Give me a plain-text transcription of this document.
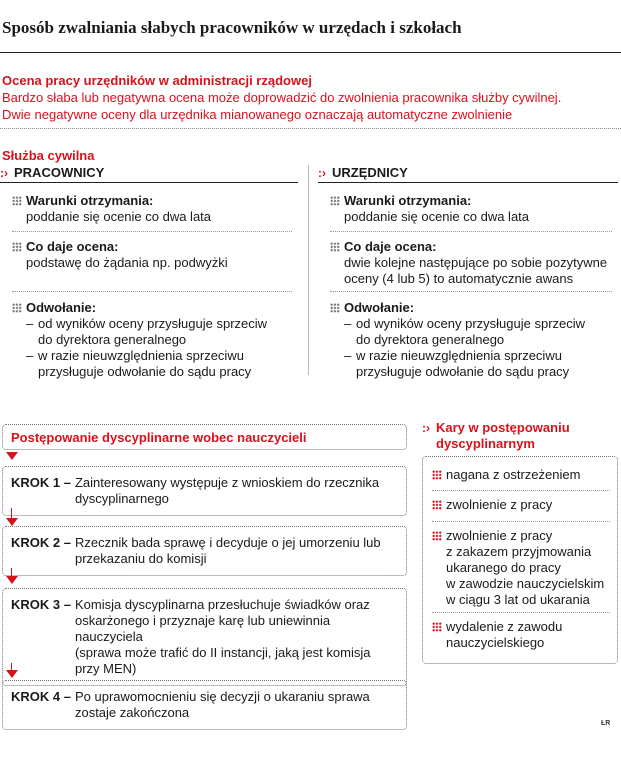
Sposób zwalniania słabych pracowników w urzędach i szkołach
Ocena pracy urzędników w administracji rządowej
Bardzo słaba lub negatywna ocena może doprowadzić do zwolnienia pracownika służby cywilnej.
Dwie negatywne oceny dla urzędnika mianowanego oznaczają automatyczne zwolnienie
Służba cywilna
:› PRACOWNICY
Warunki otrzymania:
poddanie się ocenie co dwa lata
Co daje ocena:
podstawę do żądania np. podwyżki
Odwołanie:
– od wyników oceny przysługuje sprzeciw
do dyrektora generalnego
– w razie nieuwzględnienia sprzeciwu
przysługuje odwołanie do sądu pracy
:› URZĘDNICY
Warunki otrzymania:
poddanie się ocenie co dwa lata
Co daje ocena:
dwie kolejne następujące po sobie pozytywne
oceny (4 lub 5) to automatycznie awans
Odwołanie:
– od wyników oceny przysługuje sprzeciw
do dyrektora generalnego
– w razie nieuwzględnienia sprzeciwu
przysługuje odwołanie do sądu pracy
Postępowanie dyscyplinarne wobec nauczycieli
KROK 1 – Zainteresowany występuje z wnioskiem do rzecznika
dyscyplinarnego
KROK 2 – Rzecznik bada sprawę i decyduje o jej umorzeniu lub
przekazaniu do komisji
KROK 3 – Komisja dyscyplinarna przesłuchuje świadków oraz
oskarżonego i przyznaje karę lub uniewinnia nauczyciela
(sprawa może trafić do II instancji, jaką jest komisja
przy MEN)
KROK 4 – Po uprawomocnieniu się decyzji o ukaraniu sprawa
zostaje zakończona
:› Kary w postępowaniu
dyscyplinarnym
nagana z ostrzeżeniem
zwolnienie z pracy
zwolnienie z pracy
z zakazem przyjmowania
ukaranego do pracy
w zawodzie nauczycielskim
w ciągu 3 lat od ukarania
wydalenie z zawodu
nauczycielskiego
ŁR
